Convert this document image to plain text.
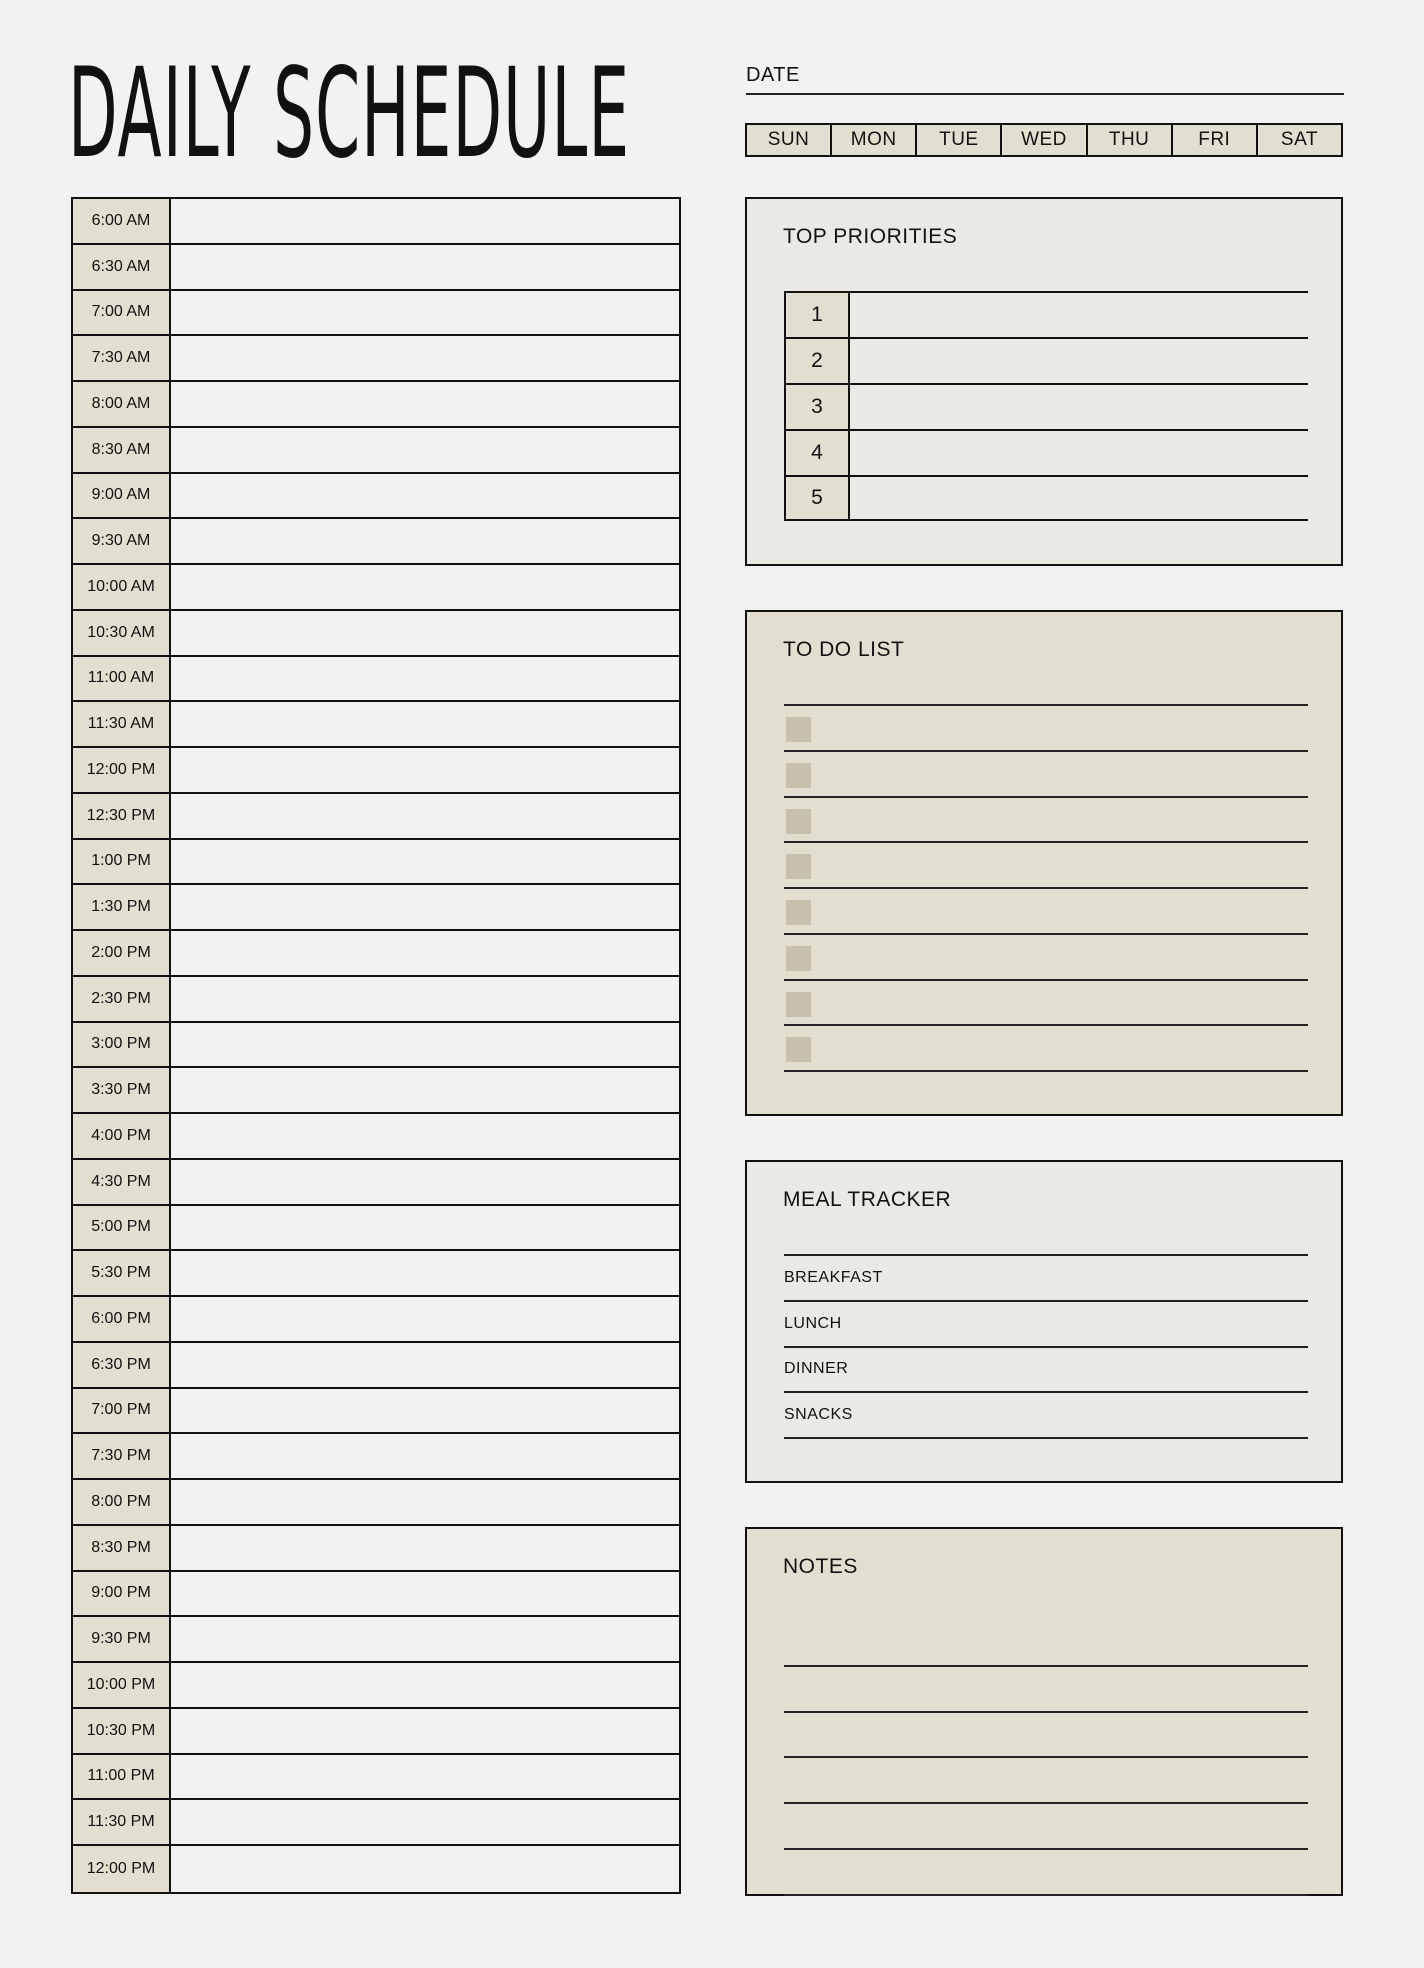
DAILY SCHEDULE	DATE
SUN	MON	TUE	WED	THU	FRI	SAT
6:00 AM
6:30 AM
7:00 AM
7:30 AM
8:00 AM
8:30 AM
9:00 AM
9:30 AM
10:00 AM
10:30 AM
11:00 AM
11:30 AM
12:00 PM
12:30 PM
1:00 PM
1:30 PM
2:00 PM
2:30 PM
3:00 PM
3:30 PM
4:00 PM
4:30 PM
5:00 PM
5:30 PM
6:00 PM
6:30 PM
7:00 PM
7:30 PM
8:00 PM
8:30 PM
9:00 PM
9:30 PM
10:00 PM
10:30 PM
11:00 PM
11:30 PM
12:00 PM
TOP PRIORITIES
1
2
3
4
5
TO DO LIST
MEAL TRACKER
BREAKFAST
LUNCH
DINNER
SNACKS
NOTES
